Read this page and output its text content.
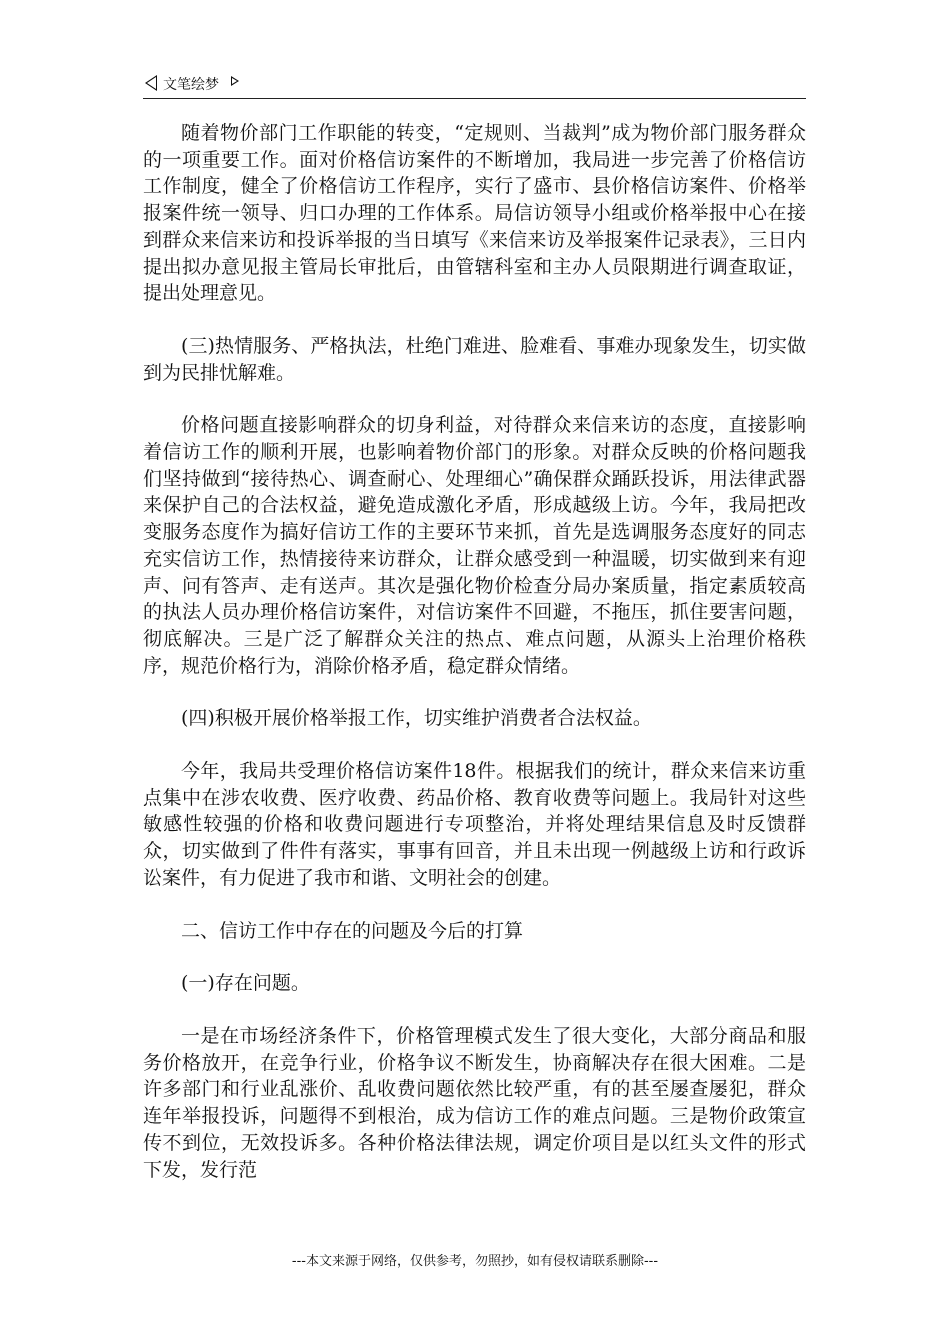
文笔绘梦

随着物价部门工作职能的转变，“定规则、当裁判”成为物价部门服务群众的一项重要工作。面对价格信访案件的不断增加，我局进一步完善了价格信访工作制度，健全了价格信访工作程序，实行了盛市、县价格信访案件、价格举报案件统一领导、归口办理的工作体系。局信访领导小组或价格举报中心在接到群众来信来访和投诉举报的当日填写《来信来访及举报案件记录表》，三日内提出拟办意见报主管局长审批后，由管辖科室和主办人员限期进行调查取证，提出处理意见。

(三)热情服务、严格执法，杜绝门难进、脸难看、事难办现象发生，切实做到为民排忧解难。

价格问题直接影响群众的切身利益，对待群众来信来访的态度，直接影响着信访工作的顺利开展，也影响着物价部门的形象。对群众反映的价格问题我们坚持做到“接待热心、调查耐心、处理细心”确保群众踊跃投诉，用法律武器来保护自己的合法权益，避免造成激化矛盾，形成越级上访。今年，我局把改变服务态度作为搞好信访工作的主要环节来抓，首先是选调服务态度好的同志充实信访工作，热情接待来访群众，让群众感受到一种温暖，切实做到来有迎声、问有答声、走有送声。其次是强化物价检查分局办案质量，指定素质较高的执法人员办理价格信访案件，对信访案件不回避，不拖压，抓住要害问题，彻底解决。三是广泛了解群众关注的热点、难点问题，从源头上治理价格秩序，规范价格行为，消除价格矛盾，稳定群众情绪。

(四)积极开展价格举报工作，切实维护消费者合法权益。

今年，我局共受理价格信访案件18件。根据我们的统计，群众来信来访重点集中在涉农收费、医疗收费、药品价格、教育收费等问题上。我局针对这些敏感性较强的价格和收费问题进行专项整治，并将处理结果信息及时反馈群众，切实做到了件件有落实，事事有回音，并且未出现一例越级上访和行政诉讼案件，有力促进了我市和谐、文明社会的创建。

二、信访工作中存在的问题及今后的打算

(一)存在问题。

一是在市场经济条件下，价格管理模式发生了很大变化，大部分商品和服务价格放开，在竞争行业，价格争议不断发生，协商解决存在很大困难。二是许多部门和行业乱涨价、乱收费问题依然比较严重，有的甚至屡查屡犯，群众连年举报投诉，问题得不到根治，成为信访工作的难点问题。三是物价政策宣传不到位，无效投诉多。各种价格法律法规，调定价项目是以红头文件的形式下发，发行范

---本文来源于网络，仅供参考，勿照抄，如有侵权请联系删除---
